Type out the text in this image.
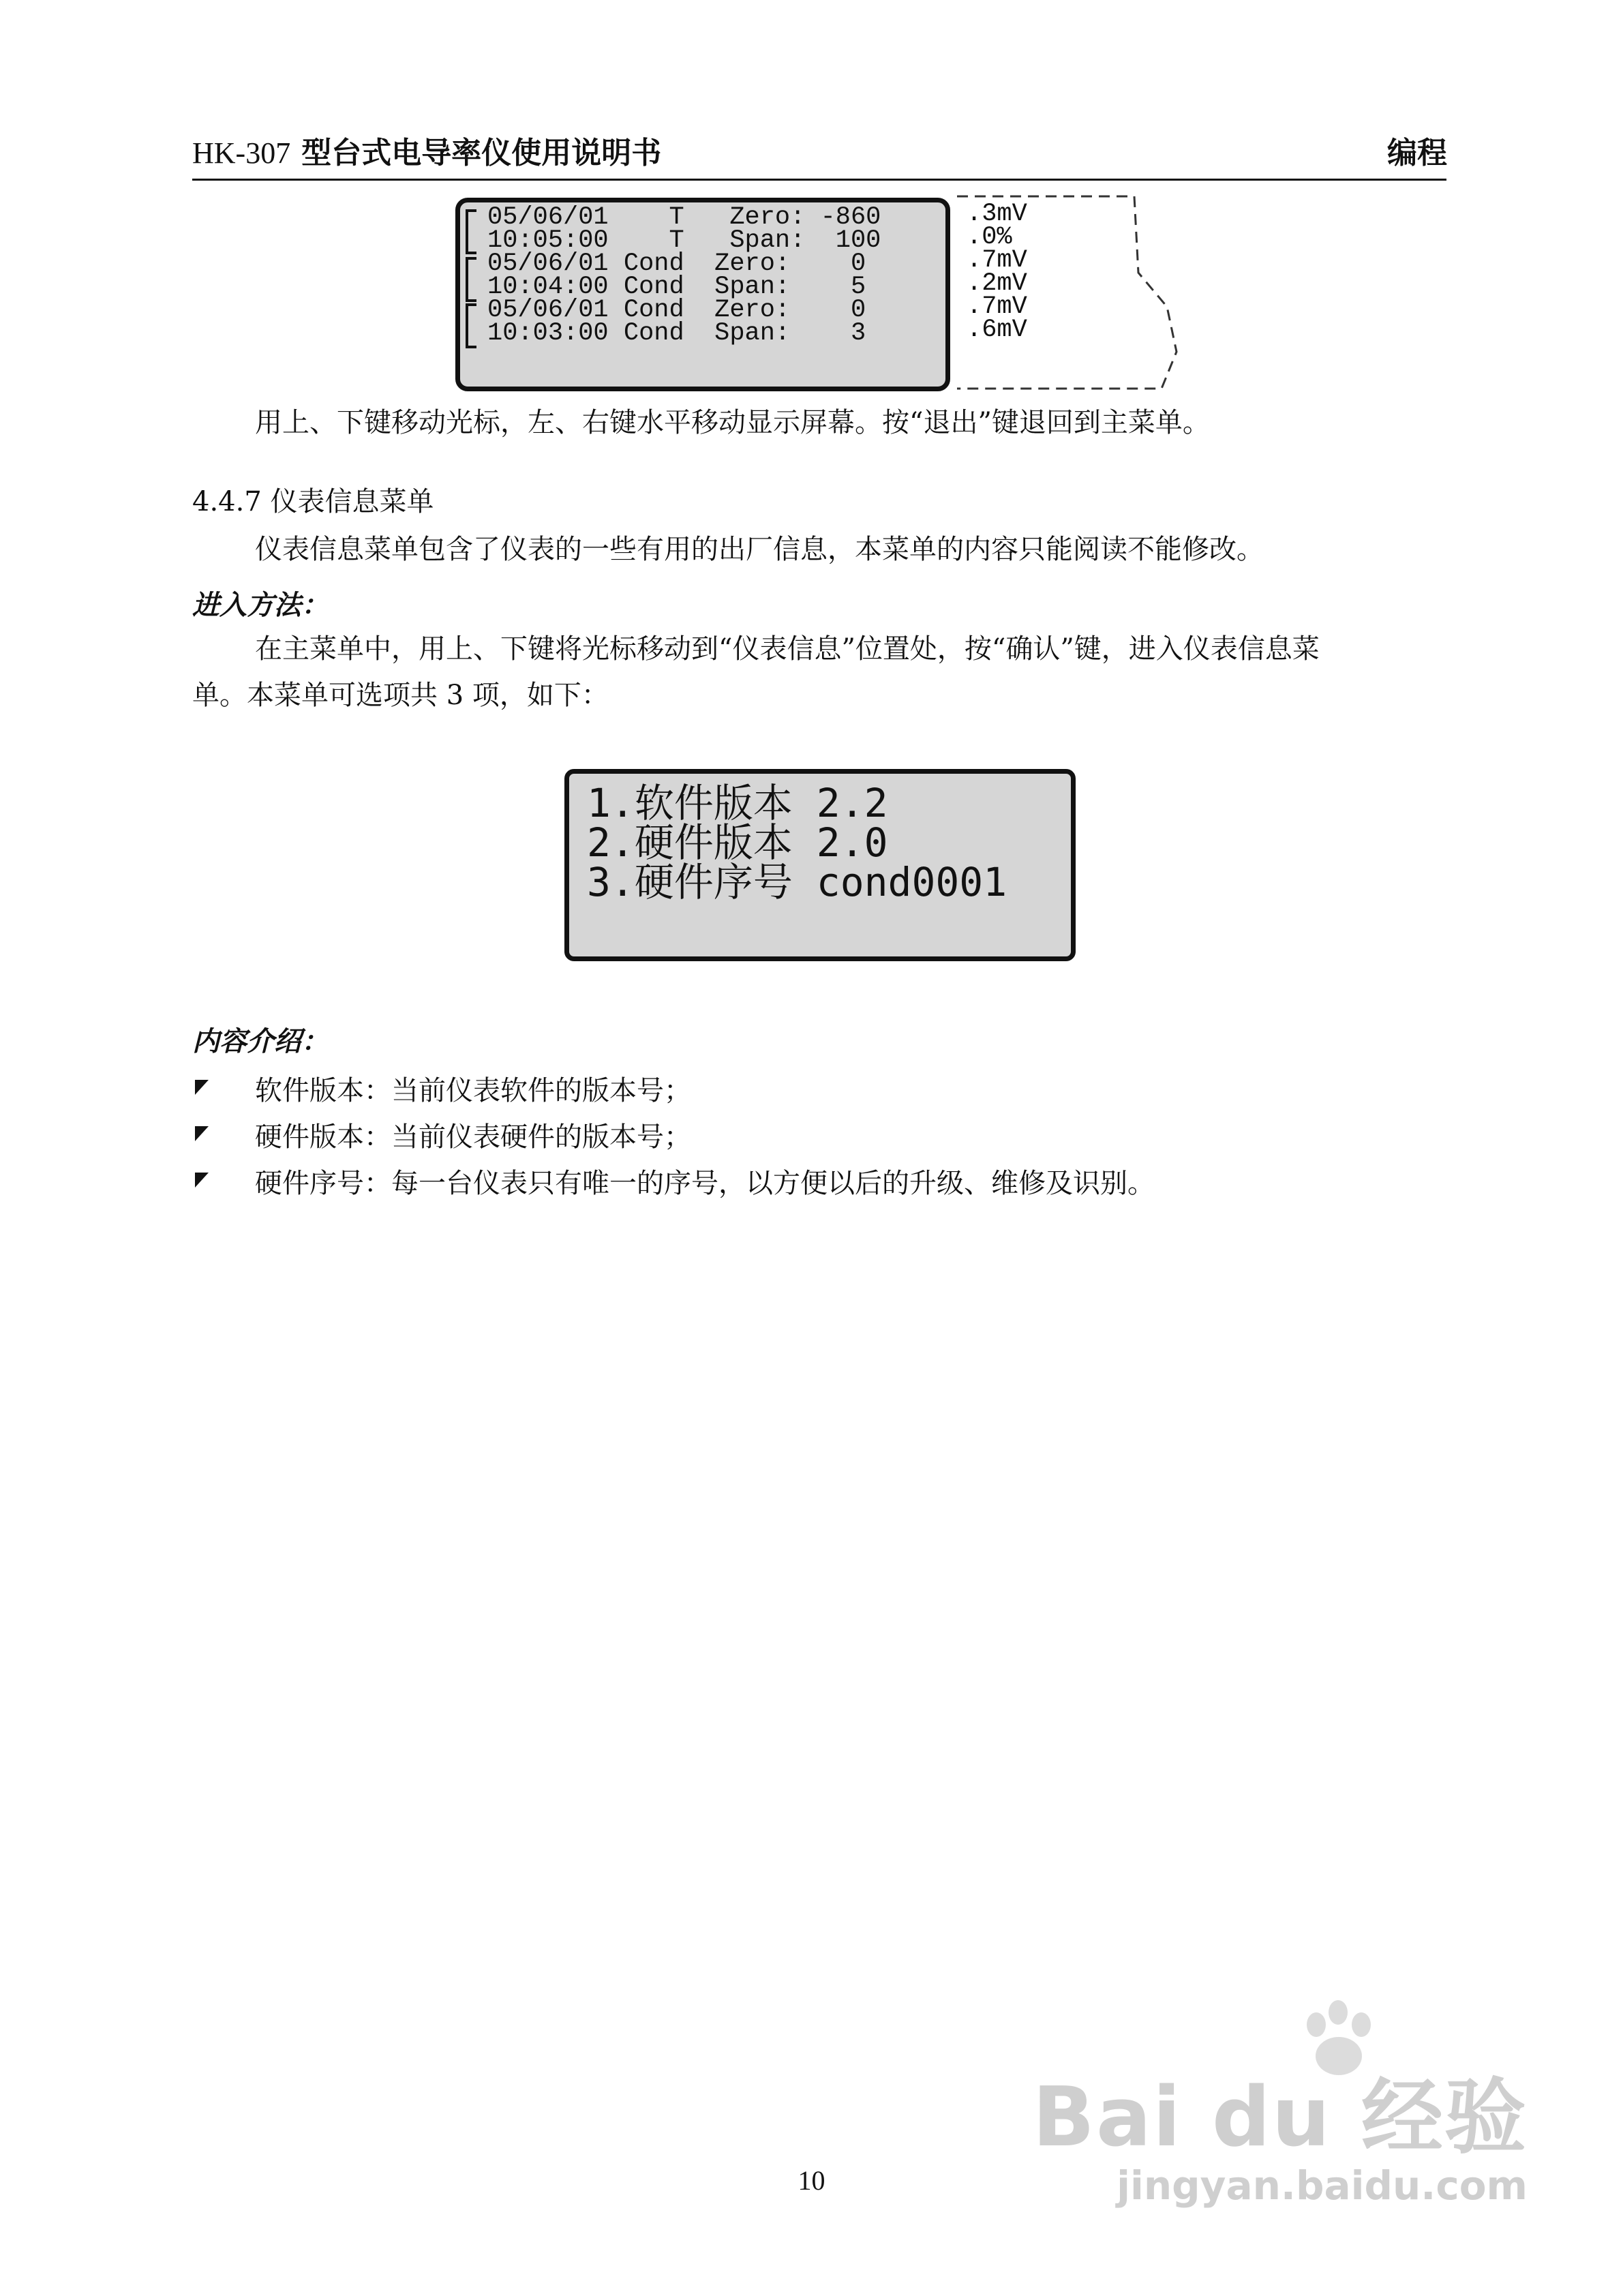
HK-307 型台式电导率仪使用说明书	编程
05/06/01 T Zero: -860
10:05:00 T Span: 100
05/06/01 Cond Zero: 0
10:04:00 Cond Span: 5
05/06/01 Cond Zero: 0
10:03:00 Cond Span: 3
.3mV
.0%
.7mV
.2mV
.7mV
.6mV
用上、下键移动光标，左、右键水平移动显示屏幕。按“退出”键退回到主菜单。
4.4.7 仪表信息菜单
仪表信息菜单包含了仪表的一些有用的出厂信息，本菜单的内容只能阅读不能修改。
进入方法：
在主菜单中，用上、下键将光标移动到“仪表信息”位置处，按“确认”键，进入仪表信息菜
单。本菜单可选项共 3 项，如下：
1.软件版本 2.2
2.硬件版本 2.0
3.硬件序号 cond0001
内容介绍：
软件版本：当前仪表软件的版本号；
硬件版本：当前仪表硬件的版本号；
硬件序号：每一台仪表只有唯一的序号，以方便以后的升级、维修及识别。
10
Bai du 经验
jingyan.baidu.com
